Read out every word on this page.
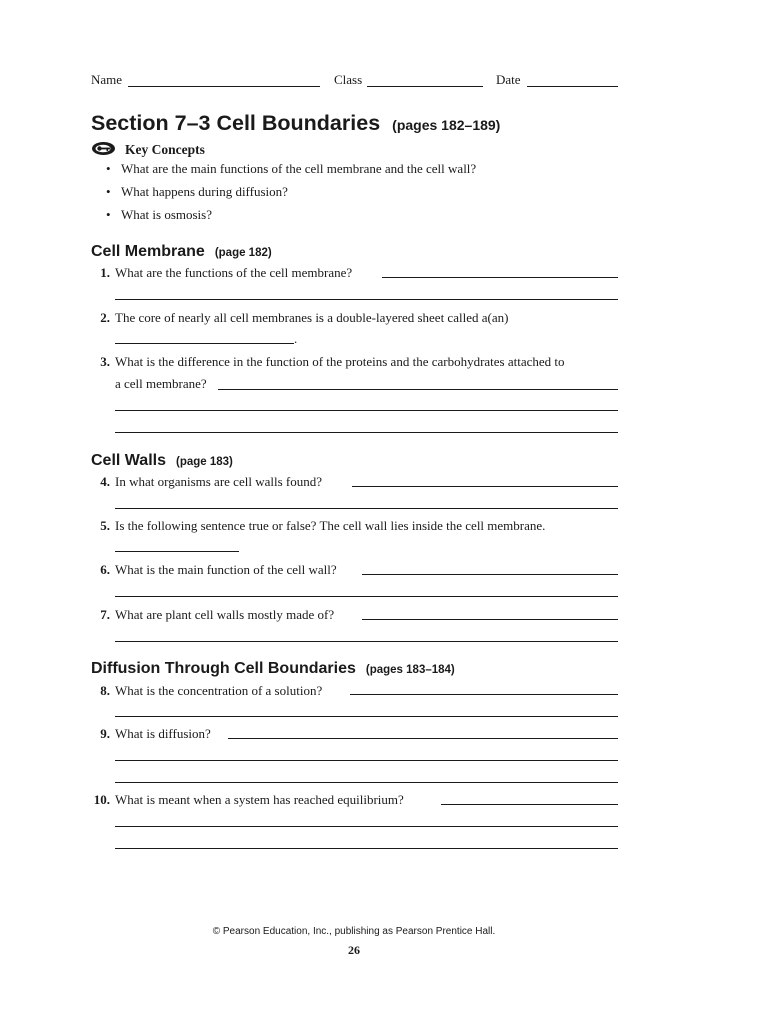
Name	Class	Date
Section 7–3 Cell Boundaries (pages 182–189)
Key Concepts
• What are the main functions of the cell membrane and the cell wall?
• What happens during diffusion?
• What is osmosis?
Cell Membrane (page 182)
1. What are the functions of the cell membrane?
2. The core of nearly all cell membranes is a double-layered sheet called a(an)
.
3. What is the difference in the function of the proteins and the carbohydrates attached to
a cell membrane?
Cell Walls (page 183)
4. In what organisms are cell walls found?
5. Is the following sentence true or false? The cell wall lies inside the cell membrane.
6. What is the main function of the cell wall?
7. What are plant cell walls mostly made of?
Diffusion Through Cell Boundaries (pages 183–184)
8. What is the concentration of a solution?
9. What is diffusion?
10. What is meant when a system has reached equilibrium?
© Pearson Education, Inc., publishing as Pearson Prentice Hall.
26
